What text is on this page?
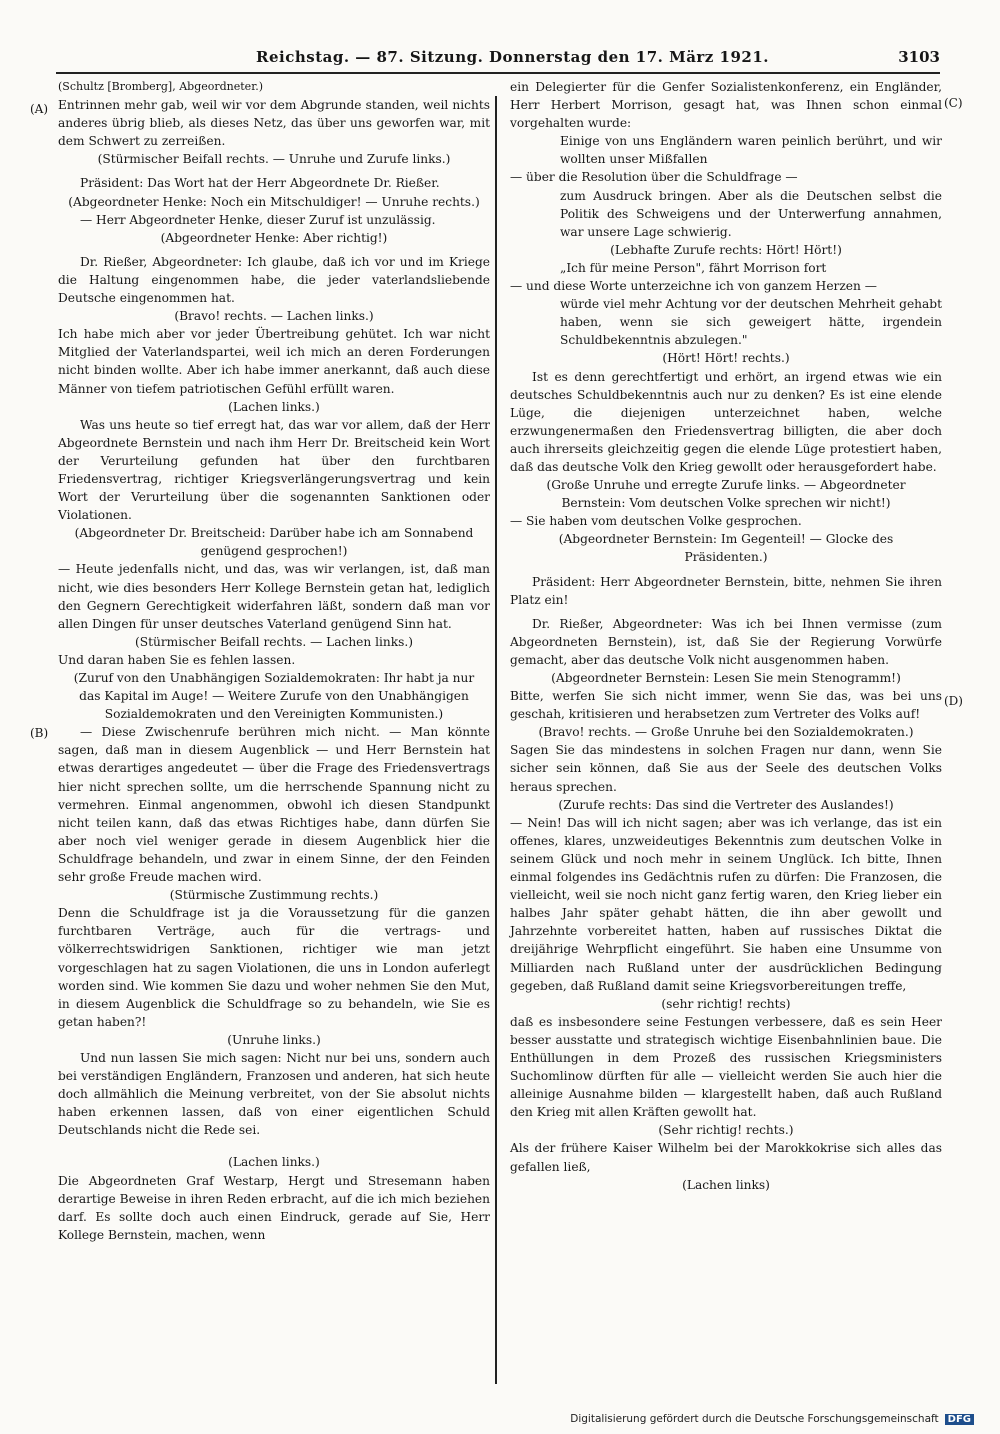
Reichstag. — 87. Sitzung. Donnerstag den 17. März 1921.	3103
(A)
(B)
(C)
(D)

(Schultz [Bromberg], Abgeordneter.)

Entrinnen mehr gab, weil wir vor dem Abgrunde standen, weil nichts anderes übrig blieb, als dieses Netz, das über uns geworfen war, mit dem Schwert zu zerreißen.

(Stürmischer Beifall rechts. — Unruhe und Zurufe links.)

Präsident: Das Wort hat der Herr Abgeordnete Dr. Rießer.

(Abgeordneter Henke: Noch ein Mitschuldiger! — Unruhe rechts.)

— Herr Abgeordneter Henke, dieser Zuruf ist unzulässig.

(Abgeordneter Henke: Aber richtig!)

Dr. Rießer, Abgeordneter: Ich glaube, daß ich vor und im Kriege die Haltung eingenommen habe, die jeder vaterlandsliebende Deutsche eingenommen hat.

(Bravo! rechts. — Lachen links.)

Ich habe mich aber vor jeder Übertreibung gehütet. Ich war nicht Mitglied der Vaterlandspartei, weil ich mich an deren Forderungen nicht binden wollte. Aber ich habe immer anerkannt, daß auch diese Männer von tiefem patriotischen Gefühl erfüllt waren.

(Lachen links.)

Was uns heute so tief erregt hat, das war vor allem, daß der Herr Abgeordnete Bernstein und nach ihm Herr Dr. Breitscheid kein Wort der Verurteilung gefunden hat über den furchtbaren Friedensvertrag, richtiger Kriegsverlängerungsvertrag und kein Wort der Verurteilung über die sogenannten Sanktionen oder Violationen.

(Abgeordneter Dr. Breitscheid: Darüber habe ich am Sonnabend genügend gesprochen!)

— Heute jedenfalls nicht, und das, was wir verlangen, ist, daß man nicht, wie dies besonders Herr Kollege Bernstein getan hat, lediglich den Gegnern Gerechtigkeit widerfahren läßt, sondern daß man vor allen Dingen für unser deutsches Vaterland genügend Sinn hat.

(Stürmischer Beifall rechts. — Lachen links.)

Und daran haben Sie es fehlen lassen.

(Zuruf von den Unabhängigen Sozialdemokraten: Ihr habt ja nur das Kapital im Auge! — Weitere Zurufe von den Unabhängigen Sozialdemokraten und den Vereinigten Kommunisten.)

— Diese Zwischenrufe berühren mich nicht. — Man könnte sagen, daß man in diesem Augenblick — und Herr Bernstein hat etwas derartiges angedeutet — über die Frage des Friedensvertrags hier nicht sprechen sollte, um die herrschende Spannung nicht zu vermehren. Einmal angenommen, obwohl ich diesen Standpunkt nicht teilen kann, daß das etwas Richtiges habe, dann dürfen Sie aber noch viel weniger gerade in diesem Augenblick hier die Schuldfrage behandeln, und zwar in einem Sinne, der den Feinden sehr große Freude machen wird.

(Stürmische Zustimmung rechts.)

Denn die Schuldfrage ist ja die Voraussetzung für die ganzen furchtbaren Verträge, auch für die vertrags- und völkerrechtswidrigen Sanktionen, richtiger wie man jetzt vorgeschlagen hat zu sagen Violationen, die uns in London auferlegt worden sind. Wie kommen Sie dazu und woher nehmen Sie den Mut, in diesem Augenblick die Schuldfrage so zu behandeln, wie Sie es getan haben?!

(Unruhe links.)

Und nun lassen Sie mich sagen: Nicht nur bei uns, sondern auch bei verständigen Engländern, Franzosen und anderen, hat sich heute doch allmählich die Meinung verbreitet, von der Sie absolut nichts haben erkennen lassen, daß von einer eigentlichen Schuld Deutschlands nicht die Rede sei.

(Lachen links.)

Die Abgeordneten Graf Westarp, Hergt und Stresemann haben derartige Beweise in ihren Reden erbracht, auf die ich mich beziehen darf. Es sollte doch auch einen Eindruck, gerade auf Sie, Herr Kollege Bernstein, machen, wenn

ein Delegierter für die Genfer Sozialistenkonferenz, ein Engländer, Herr Herbert Morrison, gesagt hat, was Ihnen schon einmal vorgehalten wurde:

Einige von uns Engländern waren peinlich berührt, und wir wollten unser Mißfallen

— über die Resolution über die Schuldfrage —

zum Ausdruck bringen. Aber als die Deutschen selbst die Politik des Schweigens und der Unterwerfung annahmen, war unsere Lage schwierig.

(Lebhafte Zurufe rechts: Hört! Hört!)

„Ich für meine Person", fährt Morrison fort

— und diese Worte unterzeichne ich von ganzem Herzen —

würde viel mehr Achtung vor der deutschen Mehrheit gehabt haben, wenn sie sich geweigert hätte, irgendein Schuldbekenntnis abzulegen."

(Hört! Hört! rechts.)

Ist es denn gerechtfertigt und erhört, an irgend etwas wie ein deutsches Schuldbekenntnis auch nur zu denken? Es ist eine elende Lüge, die diejenigen unterzeichnet haben, welche erzwungenermaßen den Friedensvertrag billigten, die aber doch auch ihrerseits gleichzeitig gegen die elende Lüge protestiert haben, daß das deutsche Volk den Krieg gewollt oder herausgefordert habe.

(Große Unruhe und erregte Zurufe links. — Abgeordneter Bernstein: Vom deutschen Volke sprechen wir nicht!)

— Sie haben vom deutschen Volke gesprochen.

(Abgeordneter Bernstein: Im Gegenteil! — Glocke des Präsidenten.)

Präsident: Herr Abgeordneter Bernstein, bitte, nehmen Sie ihren Platz ein!

Dr. Rießer, Abgeordneter: Was ich bei Ihnen vermisse (zum Abgeordneten Bernstein), ist, daß Sie der Regierung Vorwürfe gemacht, aber das deutsche Volk nicht ausgenommen haben.

(Abgeordneter Bernstein: Lesen Sie mein Stenogramm!)

Bitte, werfen Sie sich nicht immer, wenn Sie das, was bei uns geschah, kritisieren und herabsetzen zum Vertreter des Volks auf!

(Bravo! rechts. — Große Unruhe bei den Sozialdemokraten.)

Sagen Sie das mindestens in solchen Fragen nur dann, wenn Sie sicher sein können, daß Sie aus der Seele des deutschen Volks heraus sprechen.

(Zurufe rechts: Das sind die Vertreter des Auslandes!)

— Nein! Das will ich nicht sagen; aber was ich verlange, das ist ein offenes, klares, unzweideutiges Bekenntnis zum deutschen Volke in seinem Glück und noch mehr in seinem Unglück. Ich bitte, Ihnen einmal folgendes ins Gedächtnis rufen zu dürfen: Die Franzosen, die vielleicht, weil sie noch nicht ganz fertig waren, den Krieg lieber ein halbes Jahr später gehabt hätten, die ihn aber gewollt und Jahrzehnte vorbereitet hatten, haben auf russisches Diktat die dreijährige Wehrpflicht eingeführt. Sie haben eine Unsumme von Milliarden nach Rußland unter der ausdrücklichen Bedingung gegeben, daß Rußland damit seine Kriegsvorbereitungen treffe,

(sehr richtig! rechts)

daß es insbesondere seine Festungen verbessere, daß es sein Heer besser ausstatte und strategisch wichtige Eisenbahnlinien baue. Die Enthüllungen in dem Prozeß des russischen Kriegsministers Suchomlinow dürften für alle — vielleicht werden Sie auch hier die alleinige Ausnahme bilden — klargestellt haben, daß auch Rußland den Krieg mit allen Kräften gewollt hat.

(Sehr richtig! rechts.)

Als der frühere Kaiser Wilhelm bei der Marokkokrise sich alles das gefallen ließ,

(Lachen links)

Digitalisierung gefördert durch die Deutsche Forschungsgemeinschaft DFG
